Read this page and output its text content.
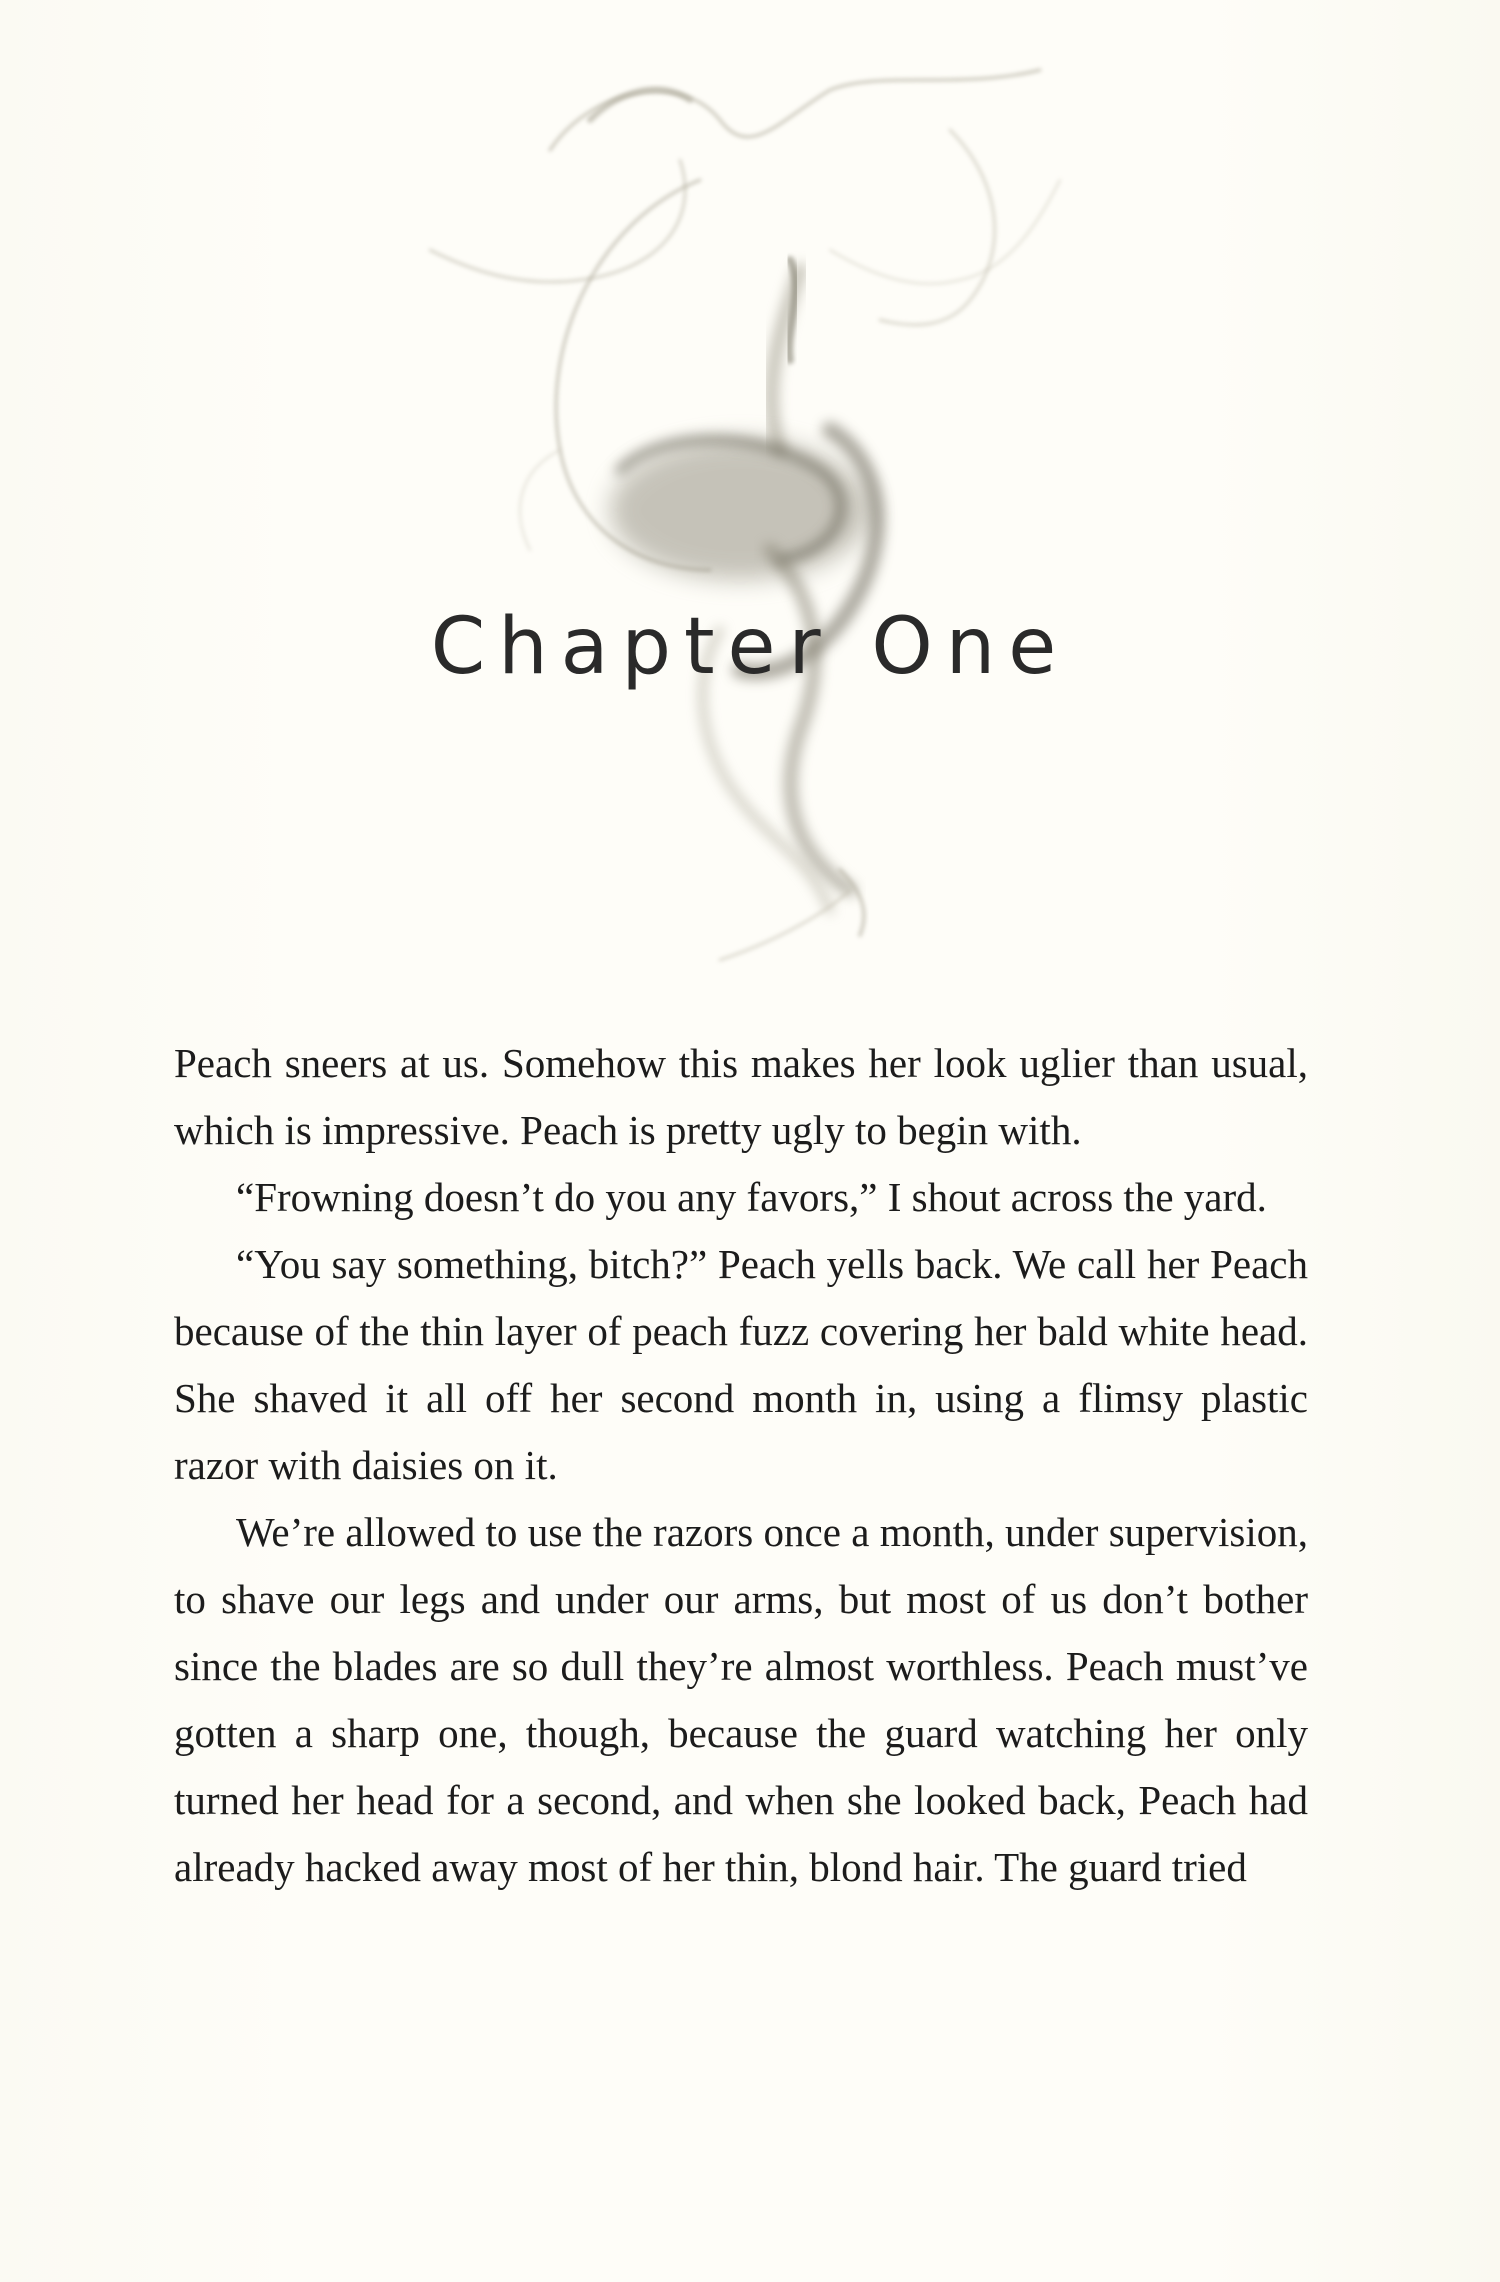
Chapter One

Peach sneers at us. Somehow this makes her look uglier than usual, which is impressive. Peach is pretty ugly to begin with.

“Frowning doesn’t do you any favors,” I shout across the yard.

“You say something, bitch?” Peach yells back. We call her Peach because of the thin layer of peach fuzz covering her bald white head. She shaved it all off her second month in, using a flimsy plastic razor with daisies on it.

We’re allowed to use the razors once a month, under supervision, to shave our legs and under our arms, but most of us don’t bother since the blades are so dull they’re almost worthless. Peach must’ve gotten a sharp one, though, because the guard watching her only turned her head for a second, and when she looked back, Peach had already hacked away most of her thin, blond hair. The guard tried
